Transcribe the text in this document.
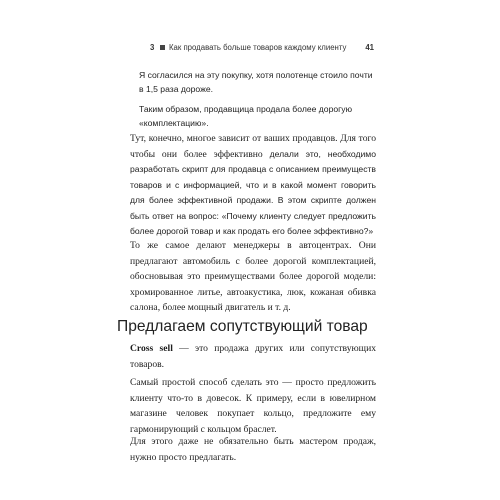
3 Как продавать больше товаров каждому клиенту 41

Я согласился на эту покупку, хотя полотенце стоило почти в 1,5 раза дороже.

Таким образом, продавщица продала более дорогую «комплектацию».

Тут, конечно, многое зависит от ваших продавцов. Для того чтобы они более эффективно делали это, необходимо разработать скрипт для продавца с описанием преимуществ товаров и с информацией, что и в какой момент говорить для более эффективной продажи. В этом скрипте должен быть ответ на вопрос: «Почему клиенту следует предложить более дорогой товар и как продать его более эффективно?»

То же самое делают менеджеры в автоцентрах. Они предлагают автомобиль с более дорогой комплектацией, обосновывая это преимуществами более дорогой модели: хромированное литье, автоакустика, люк, кожаная обивка салона, более мощный двигатель и т. д.

Предлагаем сопутствующий товар

Cross sell — это продажа других или сопутствующих товаров.

Самый простой способ сделать это — просто предложить клиенту что-то в довесок. К примеру, если в ювелирном магазине человек покупает кольцо, предложите ему гармонирующий с кольцом браслет.

Для этого даже не обязательно быть мастером продаж, нужно просто предлагать.
